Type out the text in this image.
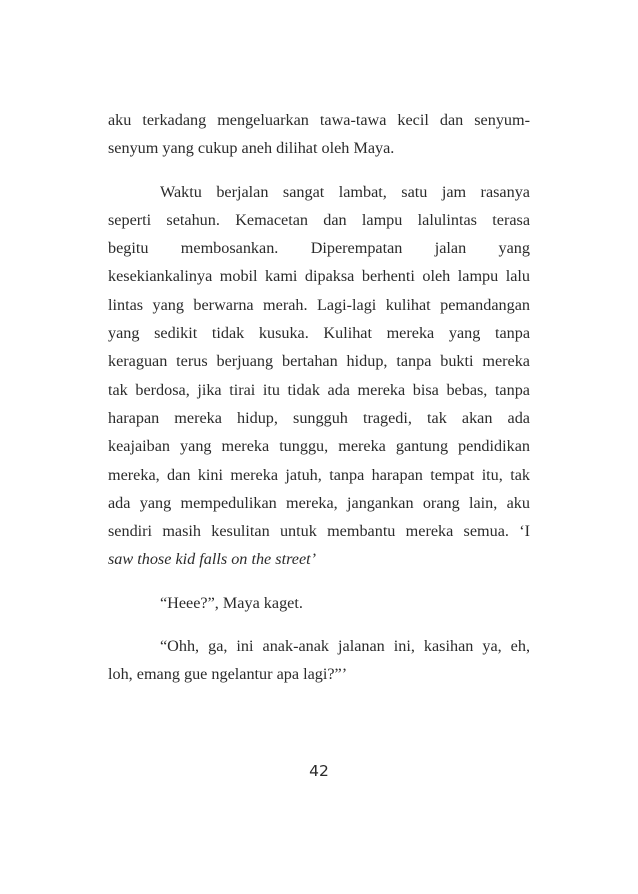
aku terkadang mengeluarkan tawa-tawa kecil dan senyum-
senyum yang cukup aneh dilihat oleh Maya.
Waktu berjalan sangat lambat, satu jam rasanya
seperti setahun. Kemacetan dan lampu lalulintas terasa
begitu membosankan. Diperempatan jalan yang
kesekiankalinya mobil kami dipaksa berhenti oleh lampu lalu
lintas yang berwarna merah. Lagi-lagi kulihat pemandangan
yang sedikit tidak kusuka. Kulihat mereka yang tanpa
keraguan terus berjuang bertahan hidup, tanpa bukti mereka
tak berdosa, jika tirai itu tidak ada mereka bisa bebas, tanpa
harapan mereka hidup, sungguh tragedi, tak akan ada
keajaiban yang mereka tunggu, mereka gantung pendidikan
mereka, dan kini mereka jatuh, tanpa harapan tempat itu, tak
ada yang mempedulikan mereka, jangankan orang lain, aku
sendiri masih kesulitan untuk membantu mereka semua. ‘I
saw those kid falls on the street’
“Heee?”, Maya kaget.
“Ohh, ga, ini anak-anak jalanan ini, kasihan ya, eh,
loh, emang gue ngelantur apa lagi?”’
42
